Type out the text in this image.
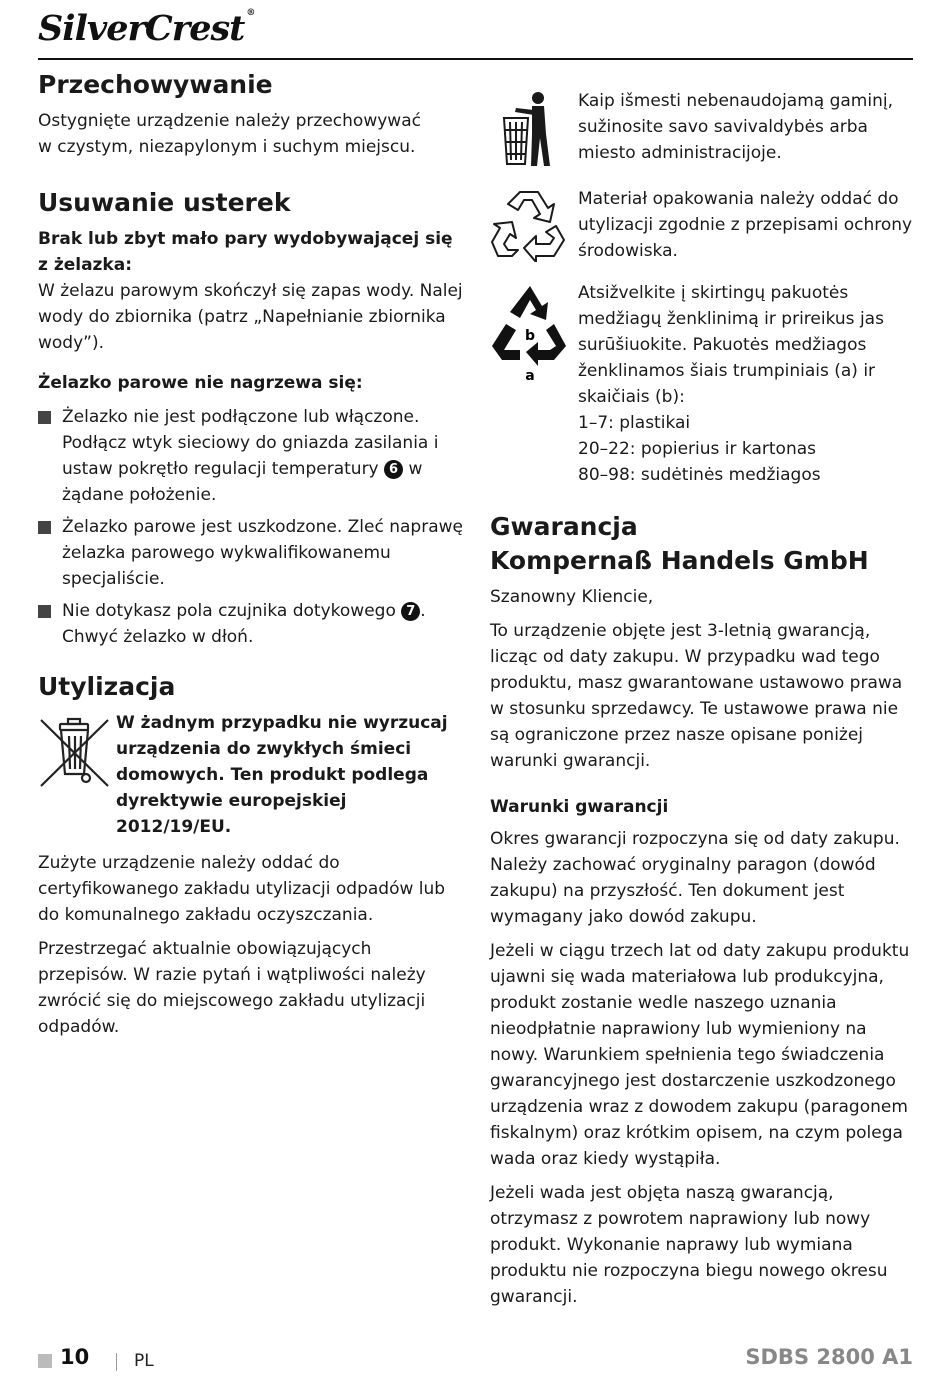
SilverCrest ®
Przechowywanie

Ostygnięte urządzenie należy przechowywać w czystym, niezapylonym i suchym miejscu.

Usuwanie usterek
Brak lub zbyt mało pary wydobywającej się z żelazka:

W żelazu parowym skończył się zapas wody. Nalej wody do zbiornika (patrz „Napełnianie zbiornika wody”).

Żelazko parowe nie nagrzewa się:
Żelazko nie jest podłączone lub włączone. Podłącz wtyk sieciowy do gniazda zasilania i ustaw pokrętło regulacji temperatury 6 w żądane położenie.
Żelazko parowe jest uszkodzone. Zleć naprawę żelazka parowego wykwalifikowanemu specjaliście.
Nie dotykasz pola czujnika dotykowego 7 . Chwyć żelazko w dłoń.
Utylizacja
W żadnym przypadku nie wyrzucaj urządzenia do zwykłych śmieci domowych. Ten produkt podlega dyrektywie europejskiej 2012/19/EU.

Zużyte urządzenie należy oddać do certyfikowanego zakładu utylizacji odpadów lub do komunalnego zakładu oczyszczania.

Przestrzegać aktualnie obowiązujących przepisów. W razie pytań i wątpliwości należy zwrócić się do miejscowego zakładu utylizacji odpadów.

Kaip išmesti nebenaudojamą gaminį, sužinosite savo savivaldybės arba miesto administracijoje.

Materiał opakowania należy oddać do utylizacji zgodnie z przepisami ochrony środowiska.

b
a

Atsižvelkite į skirtingų pakuotės medžiagų ženklinimą ir prireikus jas surūšiuokite. Pakuotės medžiagos ženklinamos šiais trumpiniais (a) ir skaičiais (b):

1–7: plastikai

20–22: popierius ir kartonas

80–98: sudėtinės medžiagos

Gwarancja
Kompernaß Handels GmbH

Szanowny Kliencie,

To urządzenie objęte jest 3-letnią gwarancją, licząc od daty zakupu. W przypadku wad tego produktu, masz gwarantowane ustawowo prawa w stosunku sprzedawcy. Te ustawowe prawa nie są ograniczone przez nasze opisane poniżej warunki gwarancji.

Warunki gwarancji

Okres gwarancji rozpoczyna się od daty zakupu. Należy zachować oryginalny paragon (dowód zakupu) na przyszłość. Ten dokument jest wymagany jako dowód zakupu.

Jeżeli w ciągu trzech lat od daty zakupu produktu ujawni się wada materiałowa lub produkcyjna, produkt zostanie wedle naszego uznania nieodpłatnie naprawiony lub wymieniony na nowy. Warunkiem spełnienia tego świadczenia gwarancyjnego jest dostarczenie uszkodzonego urządzenia wraz z dowodem zakupu (paragonem fiskalnym) oraz krótkim opisem, na czym polega wada oraz kiedy wystąpiła.

Jeżeli wada jest objęta naszą gwarancją, otrzymasz z powrotem naprawiony lub nowy produkt. Wykonanie naprawy lub wymiana produktu nie rozpoczyna biegu nowego okresu gwarancji.

10	PL	SDBS 2800 A1
